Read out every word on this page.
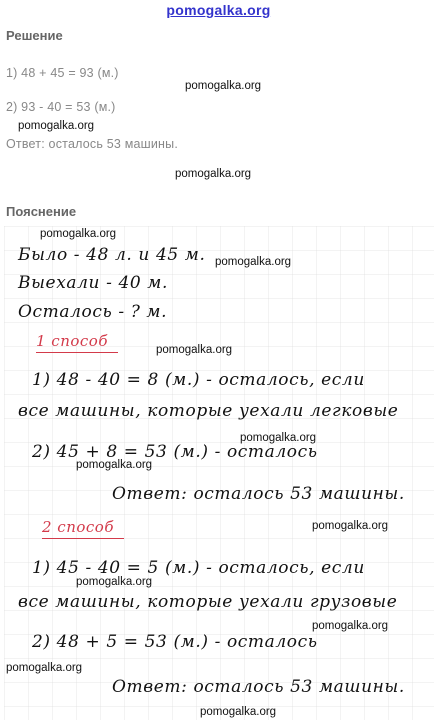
pomogalka.org
Решение
1) 48 + 45 = 93 (м.)
pomogalka.org
2) 93 - 40 = 53 (м.)
pomogalka.org
Ответ: осталось 53 машины.
pomogalka.org
Пояснение
pomogalka.org
Было - 48 л. и 45 м. pomogalka.org
Выехали - 40 м.
Осталось - ? м.
1 способ	pomogalka.org
1) 48 - 40 = 8 (м.) - осталось, если
все машины, которые уехали легковые
pomogalka.org
2) 45 + 8 = 53 (м.) - осталось
pomogalka.org
Ответ: осталось 53 машины.
2 способ	pomogalka.org
1) 45 - 40 = 5 (м.) - осталось, если
pomogalka.org
все машины, которые уехали грузовые
pomogalka.org
2) 48 + 5 = 53 (м.) - осталось
pomogalka.org
Ответ: осталось 53 машины.
pomogalka.org
